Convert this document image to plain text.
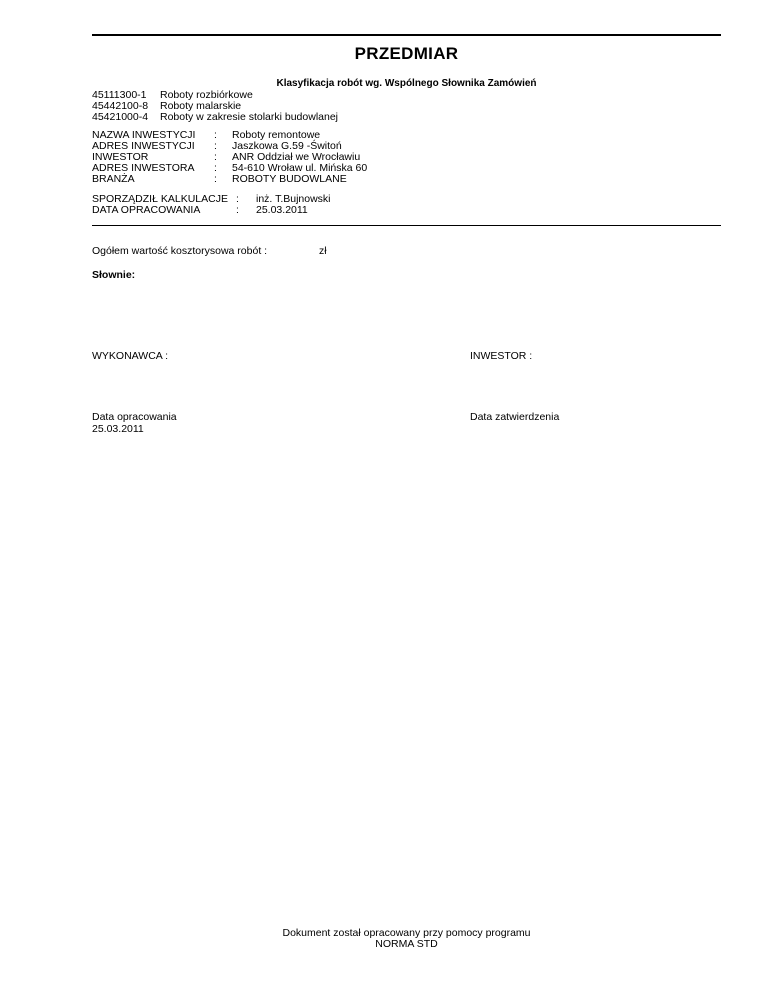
PRZEDMIAR
Klasyfikacja robót wg. Wspólnego Słownika Zamówień
45111300-1 Roboty rozbiórkowe
45442100-8 Roboty malarskie
45421000-4 Roboty w zakresie stolarki budowlanej
NAZWA INWESTYCJI : Roboty remontowe
ADRES INWESTYCJI : Jaszkowa G.59 -Świtoń
INWESTOR	: ANR Oddział we Wrocławiu
ADRES INWESTORA : 54-610 Wroław ul. Mińska 60
BRANŻA	: ROBOTY BUDOWLANE
SPORZĄDZIŁ KALKULACJE : inż. T.Bujnowski
DATA OPRACOWANIA	: 25.03.2011
Ogółem wartość kosztorysowa robót :	zł
Słownie:
WYKONAWCA :	INWESTOR :
Data opracowania
25.03.2011
Data zatwierdzenia
Dokument został opracowany przy pomocy programu
NORMA STD
